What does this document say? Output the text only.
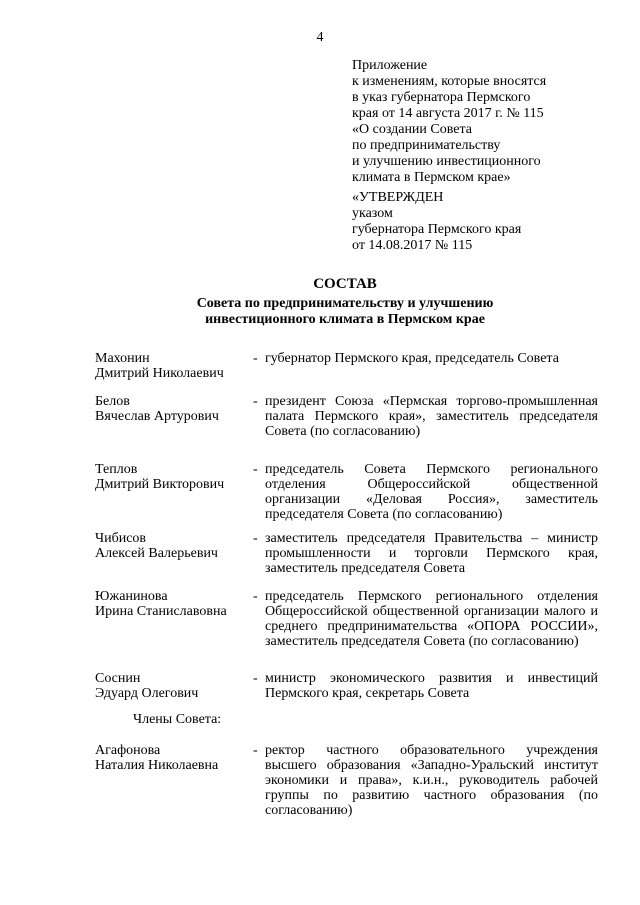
4
Приложение
к изменениям, которые вносятся
в указ губернатора Пермского
края от 14 августа 2017 г. № 115
«О создании Совета
по предпринимательству
и улучшению инвестиционного
климата в Пермском крае»
«УТВЕРЖДЕН
указом
губернатора Пермского края
от 14.08.2017 № 115
СОСТАВ
Совета по предпринимательству и улучшению
инвестиционного климата в Пермском крае
Махонин
Дмитрий Николаевич
- губернатор Пермского края, председатель Совета
Белов
Вячеслав Артурович
- президент Союза «Пермская торгово-промышленная палата Пермского края», заместитель председателя Совета (по согласованию)
Теплов
Дмитрий Викторович
- председатель Совета Пермского регионального отделения Общероссийской общественной организации «Деловая Россия», заместитель председателя Совета (по согласованию)
Чибисов
Алексей Валерьевич
- заместитель председателя Правительства – министр промышленности и торговли Пермского края, заместитель председателя Совета
Южанинова
Ирина Станиславовна
- председатель Пермского регионального отделения Общероссийской общественной организации малого и среднего предпринимательства «ОПОРА РОССИИ», заместитель председателя Совета (по согласованию)
Соснин
Эдуард Олегович
- министр экономического развития и инвестиций Пермского края, секретарь Совета
Члены Совета:
Агафонова
Наталия Николаевна
- ректор частного образовательного учреждения высшего образования «Западно-Уральский институт экономики и права», к.и.н., руководитель рабочей группы по развитию частного образования (по согласованию)
